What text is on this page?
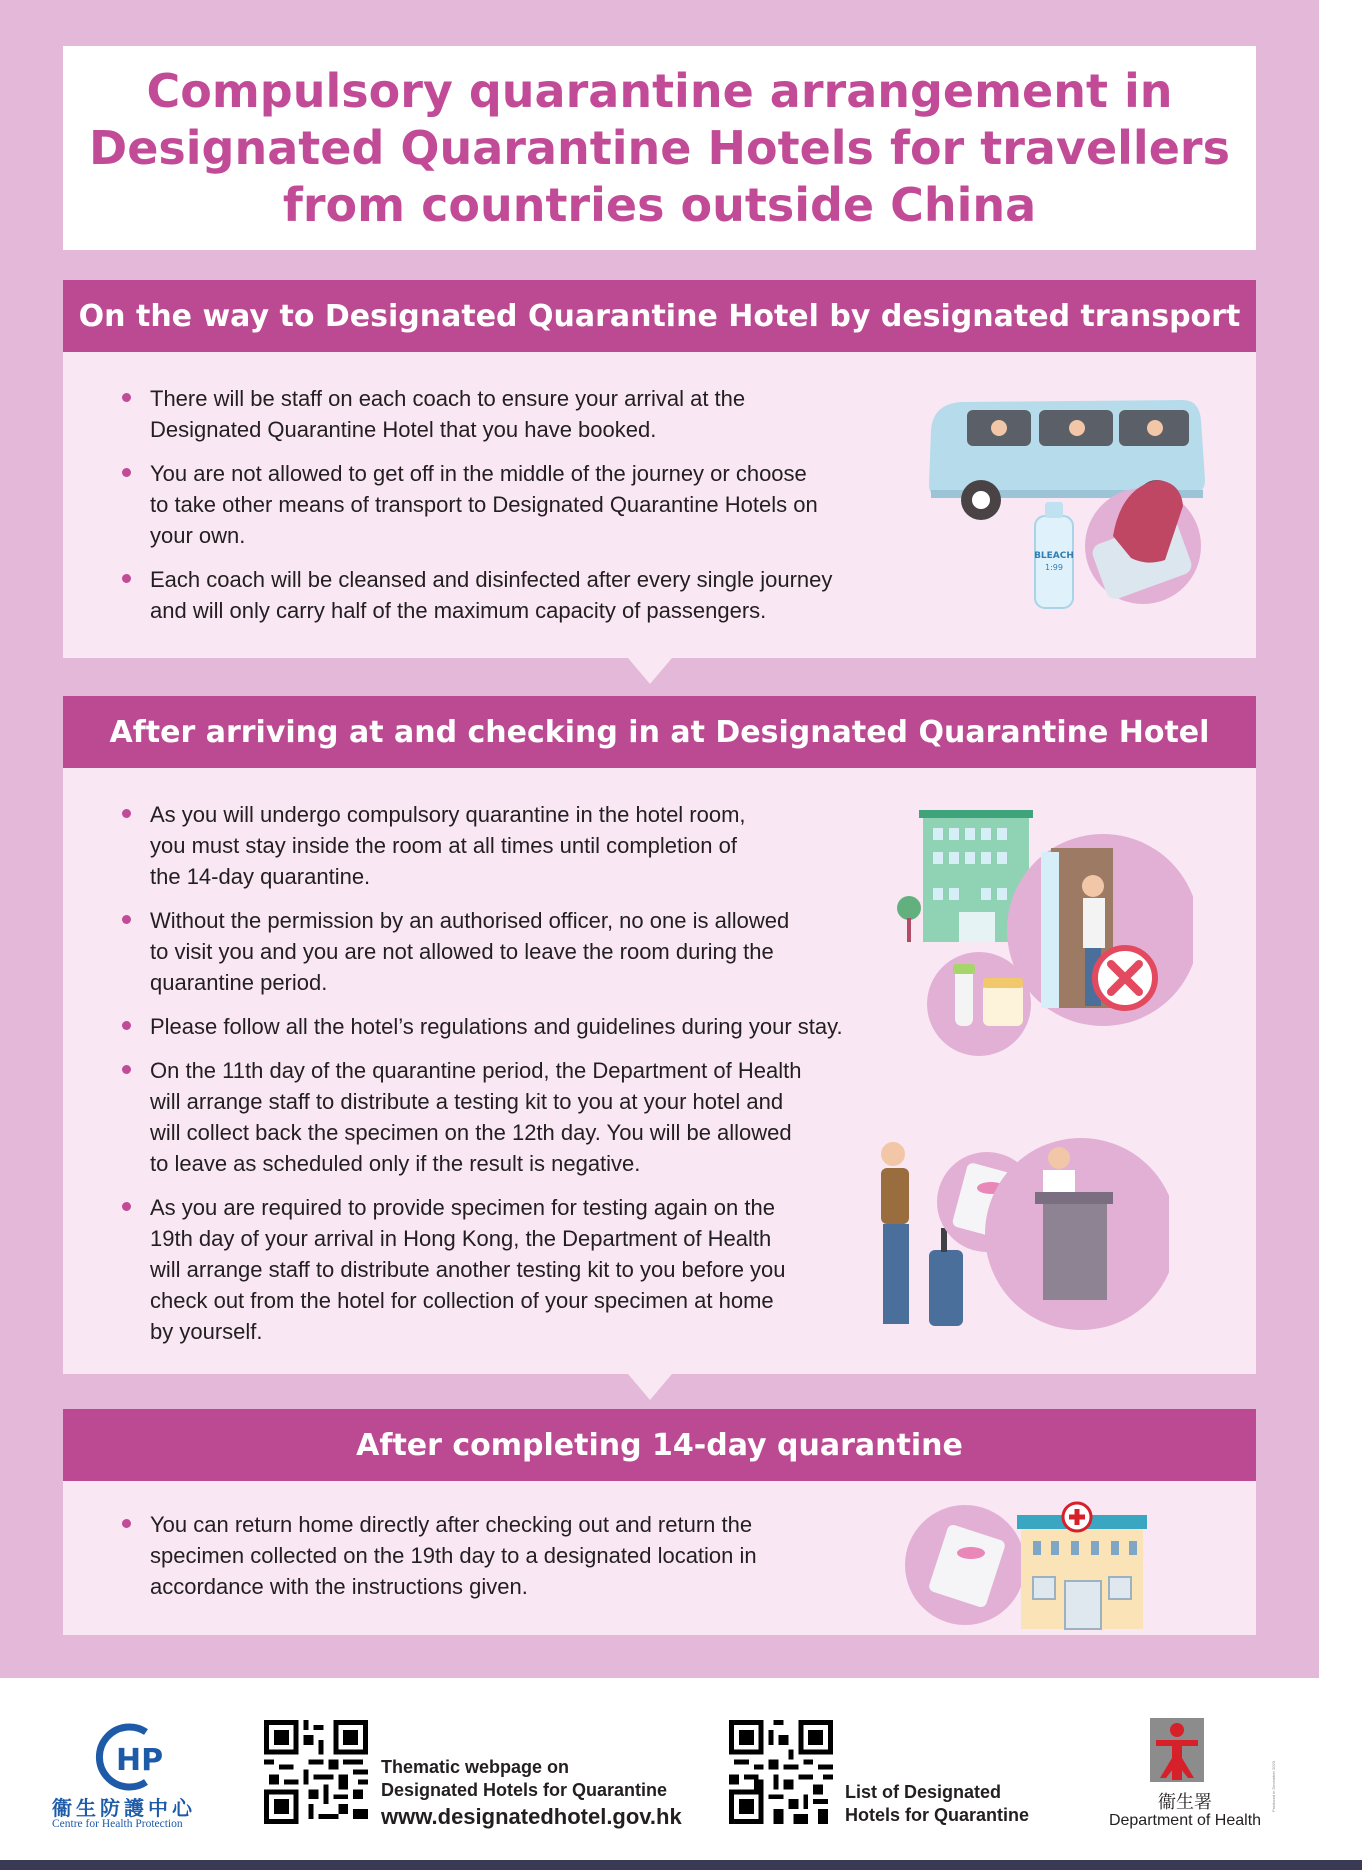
Compulsory quarantine arrangement in
Designated Quarantine Hotels for travellers
from countries outside China
On the way to Designated Quarantine Hotel by designated transport
There will be staff on each coach to ensure your arrival at the
Designated Quarantine Hotel that you have booked.
You are not allowed to get off in the middle of the journey or choose
to take other means of transport to Designated Quarantine Hotels on
your own.
Each coach will be cleansed and disinfected after every single journey
and will only carry half of the maximum capacity of passengers.
BLEACH
1:99
After arriving at and checking in at Designated Quarantine Hotel
As you will undergo compulsory quarantine in the hotel room,
you must stay inside the room at all times until completion of
the 14-day quarantine.
Without the permission by an authorised officer, no one is allowed
to visit you and you are not allowed to leave the room during the
quarantine period.
Please follow all the hotel’s regulations and guidelines during your stay.
On the 11th day of the quarantine period, the Department of Health
will arrange staff to distribute a testing kit to you at your hotel and
will collect back the specimen on the 12th day. You will be allowed
to leave as scheduled only if the result is negative.
As you are required to provide specimen for testing again on the
19th day of your arrival in Hong Kong, the Department of Health
will arrange staff to distribute another testing kit to you before you
check out from the hotel for collection of your specimen at home
by yourself.
After completing 14-day quarantine
You can return home directly after checking out and return the
specimen collected on the 19th day to a designated location in
accordance with the instructions given.
HP
衞生防護中心
Centre for Health Protection
Thematic webpage on
Designated Hotels for Quarantine
www.designatedhotel.gov.hk
List of Designated
Hotels for Quarantine
衞生署
Department of Health
Produced in December 2020
